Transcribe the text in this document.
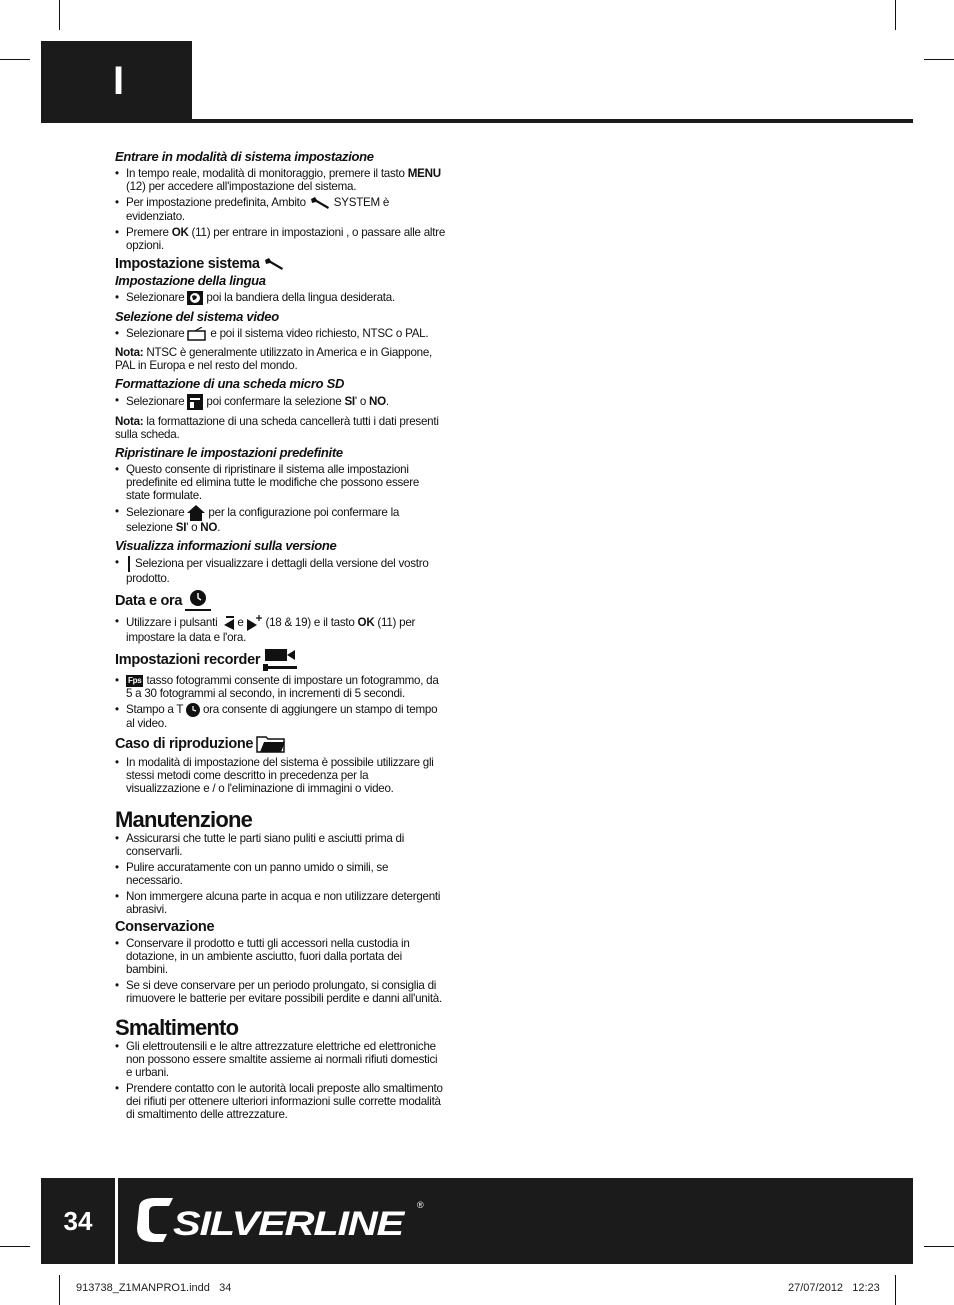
I
Entrare in modalità di sistema impostazione
• In tempo reale, modalità di monitoraggio, premere il tasto MENU (12) per accedere all'impostazione del sistema.
• Per impostazione predefinita, Ambito  SYSTEM è evidenziato.
• Premere OK (11) per entrare in impostazioni , o passare alle altre opzioni.
Impostazione sistema
Impostazione della lingua
• Selezionare  poi la bandiera della lingua desiderata.
Selezione del sistema video
• Selezionare  e poi il sistema video richiesto, NTSC o PAL.

Nota: NTSC è generalmente utilizzato in America e in Giappone, PAL in Europa e nel resto del mondo.

Formattazione di una scheda micro SD
• Selezionare  poi confermare la selezione SI' o NO.

Nota: la formattazione di una scheda cancellerà tutti i dati presenti sulla scheda.

Ripristinare le impostazioni predefinite
• Questo consente di ripristinare il sistema alle impostazioni predefinite ed elimina tutte le modifiche che possono essere state formulate.
• Selezionare  per la configurazione poi confermare la selezione SI' o NO.
Visualizza informazioni sulla versione
• Seleziona per visualizzare i dettagli della versione del vostro prodotto.
Data e ora
• Utilizzare i pulsanti  e  (18 & 19) e il tasto OK (11) per impostare la data e l'ora.
Impostazioni recorder
• Fps tasso fotogrammi consente di impostare un fotogrammo, da 5 a 30 fotogrammi al secondo, in incrementi di 5 secondi.
• Stampo a T  ora consente di aggiungere un stampo di tempo al video.
Caso di riproduzione
• In modalità di impostazione del sistema è possibile utilizzare gli stessi metodi come descritto in precedenza per la visualizzazione e / o l'eliminazione di immagini o video.
Manutenzione
• Assicurarsi che tutte le parti siano puliti e asciutti prima di conservarli.
• Pulire accuratamente con un panno umido o simili, se necessario.
• Non immergere alcuna parte in acqua e non utilizzare detergenti abrasivi.
Conservazione
• Conservare il prodotto e tutti gli accessori nella custodia in dotazione, in un ambiente asciutto, fuori dalla portata dei bambini.
• Se si deve conservare per un periodo prolungato, si consiglia di rimuovere le batterie per evitare possibili perdite e danni all'unità.
Smaltimento
• Gli elettroutensili e le altre attrezzature elettriche ed elettroniche non possono essere smaltite assieme ai normali rifiuti domestici e urbani.
• Prendere contatto con le autorità locali preposte allo smaltimento dei rifiuti per ottenere ulteriori informazioni sulle corrette modalità di smaltimento delle attrezzature.
34	SILVERLINE ®
913738_Z1MANPRO1.indd   34	27/07/2012   12:23
